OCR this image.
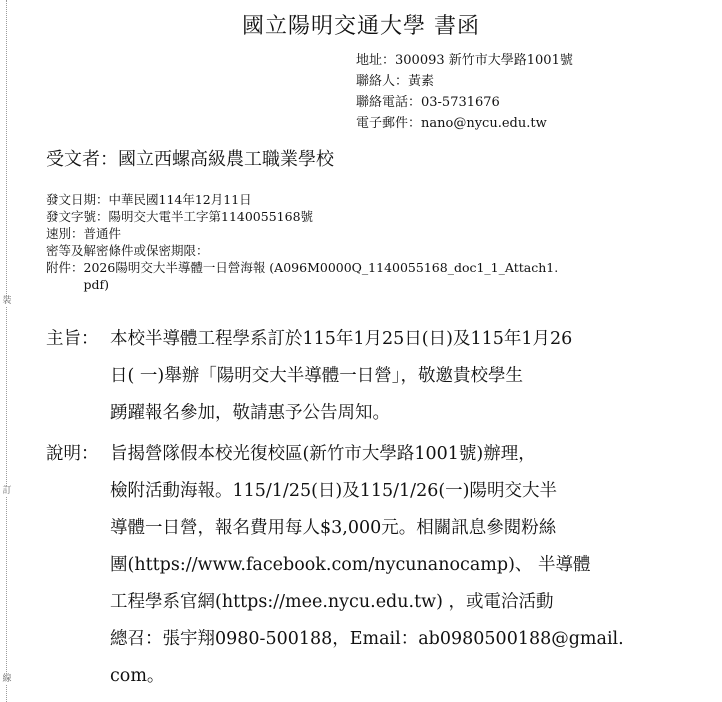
裝
訂
線
國立陽明交通大學 書函
地址：300093 新竹市大學路1001號
聯絡人：黃素
聯絡電話：03-5731676
電子郵件：nano@nycu.edu.tw
受文者：國立西螺高級農工職業學校
發文日期：中華民國114年12月11日
發文字號：陽明交大電半工字第1140055168號
速別：普通件
密等及解密條件或保密期限：
附件： 2026陽明交大半導體一日營海報 (A096M0000Q_1140055168_doc1_1_Attach1.
pdf)
主旨： 本校半導體工程學系訂於115年1月25日(日)及115年1月26
日( 一)舉辦「陽明交大半導體一日營」，敬邀貴校學生
踴躍報名參加，敬請惠予公告周知。
說明： 旨揭營隊假本校光復校區(新竹市大學路1001號)辦理，
檢附活動海報。115/1/25(日)及115/1/26(一)陽明交大半
導體一日營，報名費用每人$3,000元。相關訊息參閱粉絲
團(https://www.facebook.com/nycunanocamp)、 半導體
工程學系官網(https://mee.nycu.edu.tw) ，或電洽活動
總召：張宇翔0980-500188，Email：ab0980500188@gmail.
com。
